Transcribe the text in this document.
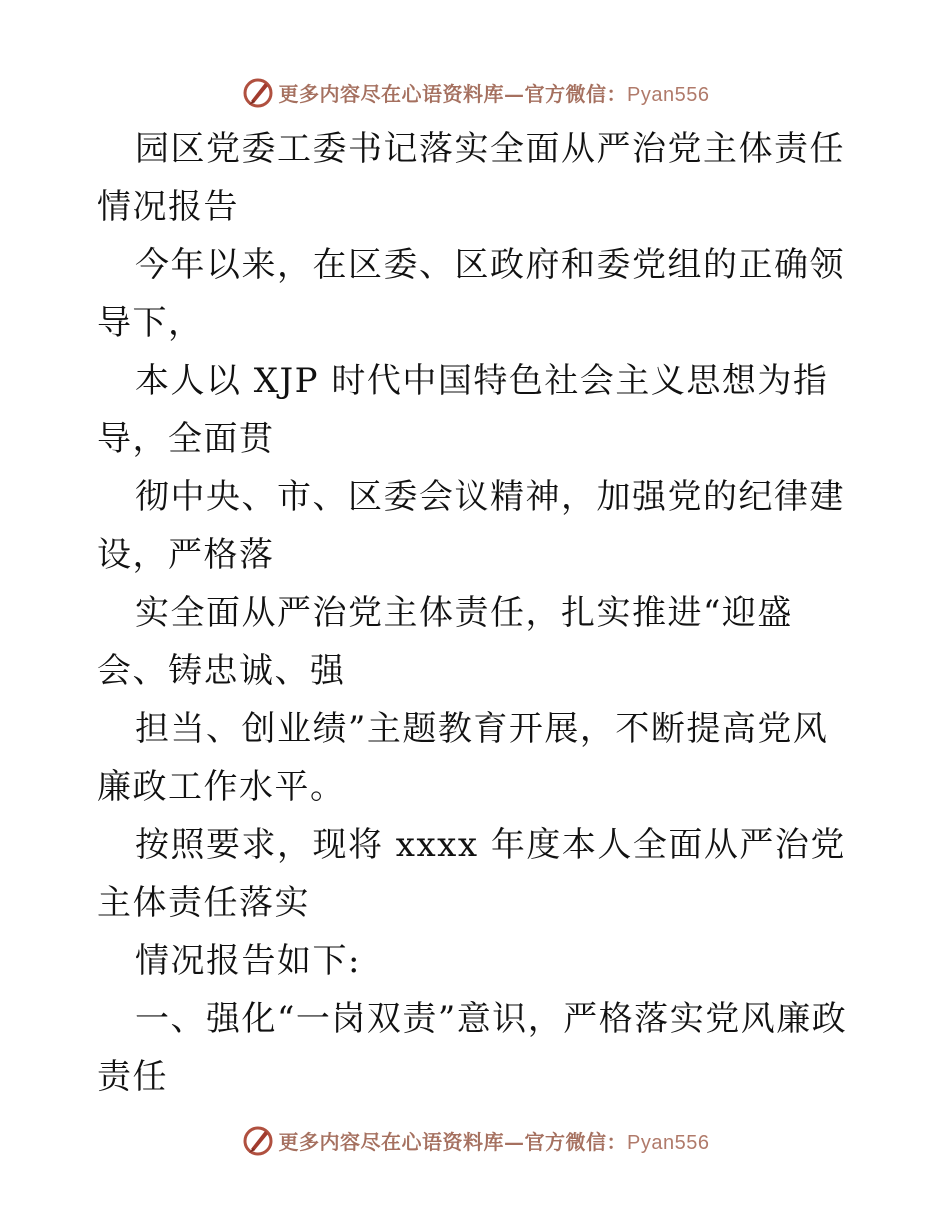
更多内容尽在心语资料库—官方微信：Pyan556

园区党委工委书记落实全面从严治党主体责任情况报告

今年以来，在区委、区政府和委党组的正确领导下，

本人以 XJP 时代中国特色社会主义思想为指导，全面贯

彻中央、市、区委会议精神，加强党的纪律建设，严格落

实全面从严治党主体责任，扎实推进“迎盛会、铸忠诚、强

担当、创业绩”主题教育开展，不断提高党风廉政工作水平。

按照要求，现将 xxxx 年度本人全面从严治党主体责任落实

情况报告如下:

一、强化“一岗双责”意识，严格落实党风廉政责任

更多内容尽在心语资料库—官方微信：Pyan556
